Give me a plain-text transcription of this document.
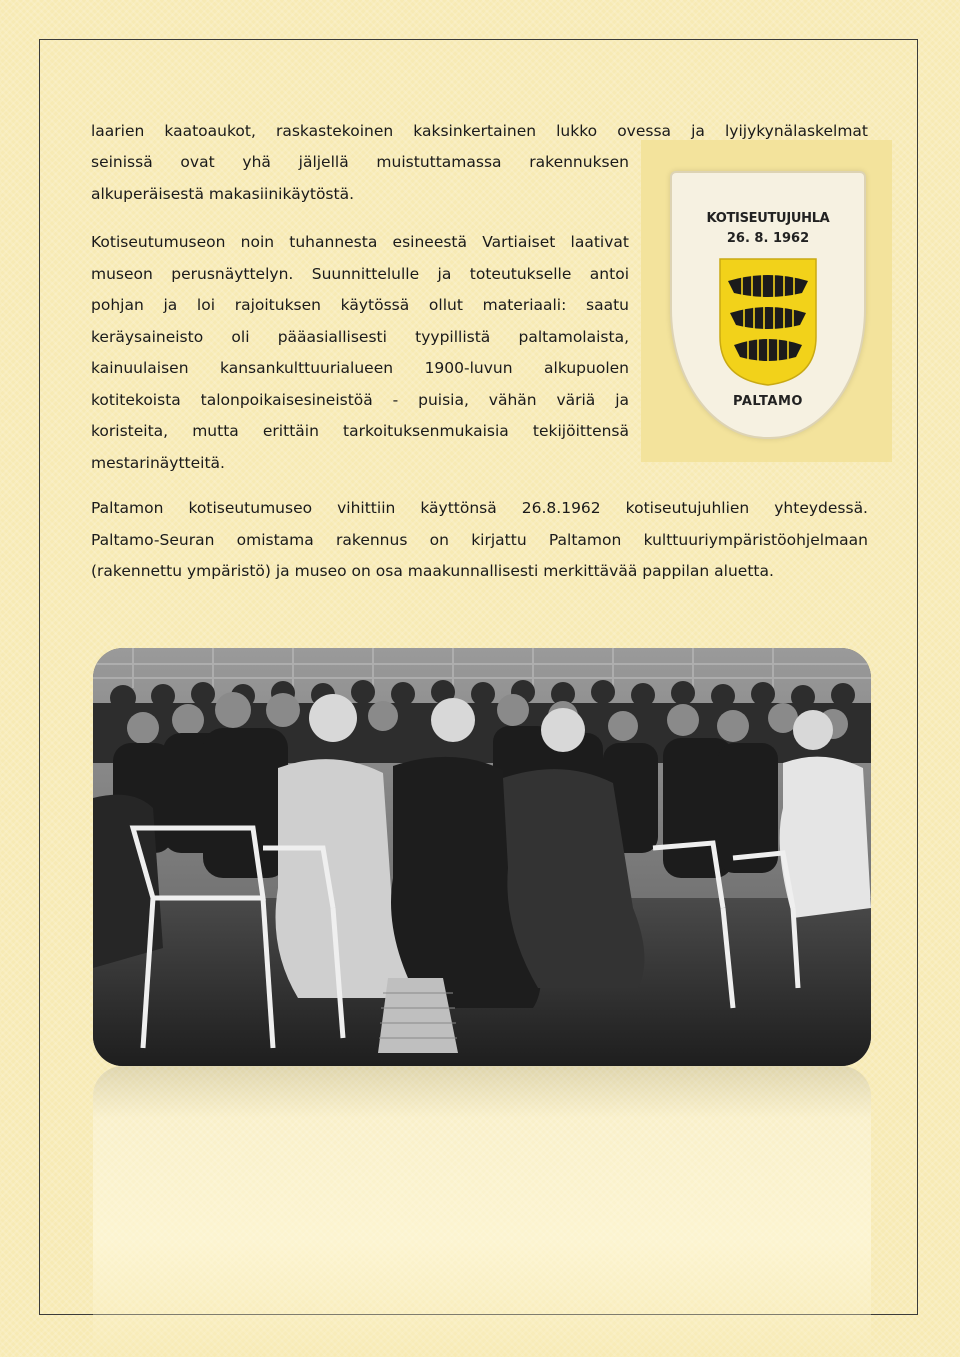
laarien kaatoaukot, raskastekoinen kaksinkertainen lukko ovessa ja lyijykynälaskelmat

seinissä ovat yhä jäljellä muistuttamassa rakennuksen

alkuperäisestä makasiinikäytöstä.

Kotiseutumuseon noin tuhannesta esineestä Vartiaiset laativat

museon perusnäyttelyn. Suunnittelulle ja toteutukselle antoi

pohjan ja loi rajoituksen käytössä ollut materiaali: saatu

keräysaineisto oli pääasiallisesti tyypillistä paltamolaista,

kainuulaisen kansankulttuurialueen 1900-luvun alkupuolen

kotitekoista talonpoikaisesineistöä - puisia, vähän väriä ja

koristeita, mutta erittäin tarkoituksenmukaisia tekijöittensä

mestarinäytteitä.

Paltamon kotiseutumuseo vihittiin käyttönsä 26.8.1962 kotiseutujuhlien yhteydessä.

Paltamo-Seuran omistama rakennus on kirjattu Paltamon kulttuuriympäristöohjelmaan

(rakennettu ympäristö) ja museo on osa maakunnallisesti merkittävää pappilan aluetta.

KOTISEUTUJUHLA
26. 8. 1962
PALTAMO
